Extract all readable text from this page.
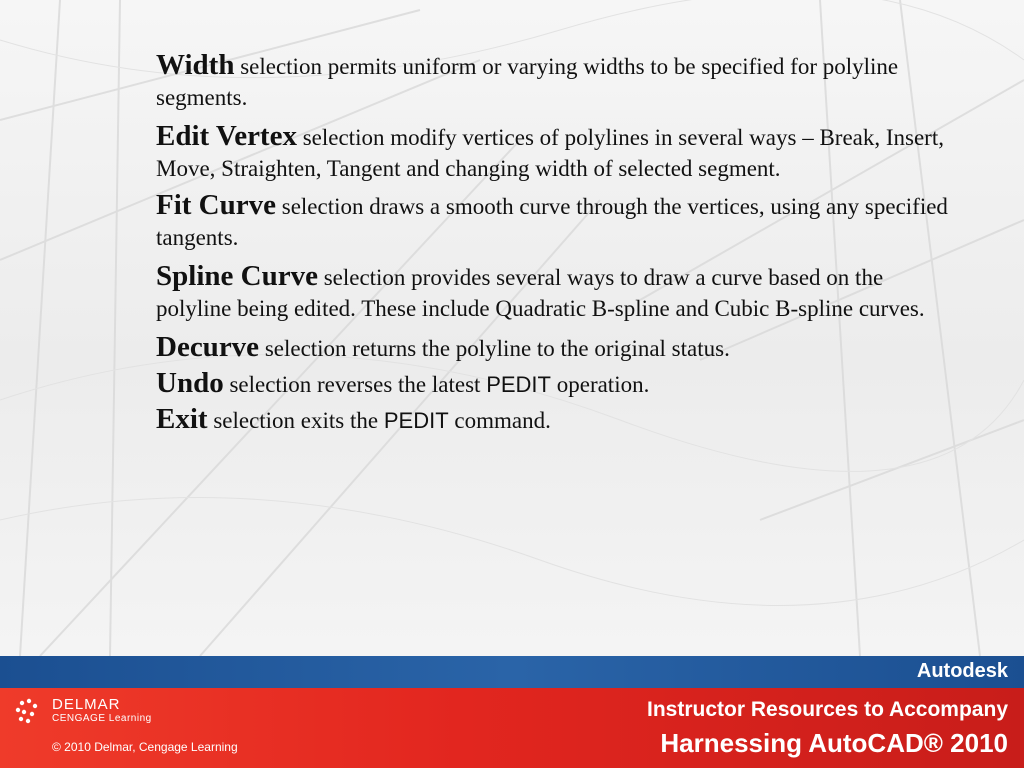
Width selection permits uniform or varying widths to be specified for polyline segments.

Edit Vertex selection modify vertices of polylines in several ways – Break, Insert, Move, Straighten, Tangent and changing width of selected segment.

Fit Curve selection draws a smooth curve through the vertices, using any specified tangents.

Spline Curve selection provides several ways to draw a curve based on the polyline being edited. These include Quadratic B-spline and Cubic B-spline curves.

Decurve selection returns the polyline to the original status.

Undo selection reverses the latest PEDIT operation.

Exit selection exits the PEDIT command.

Autodesk
DELMAR
CENGAGE Learning
© 2010 Delmar, Cengage Learning
Instructor Resources to Accompany
Harnessing AutoCAD® 2010
